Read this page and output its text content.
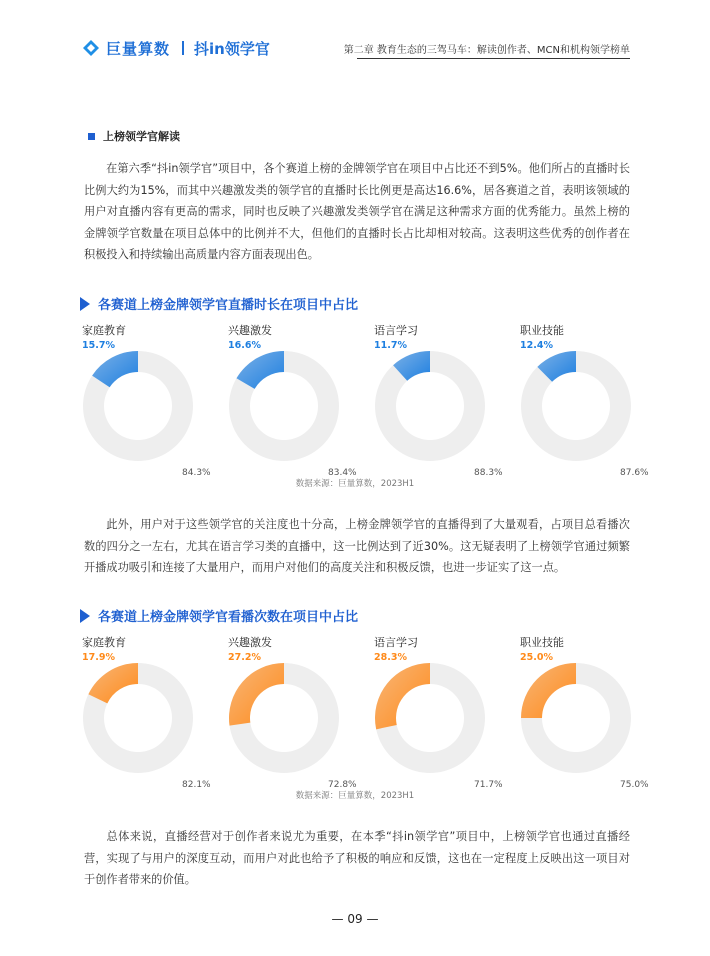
巨量算数 抖in领学官	第二章 教育生态的三驾马车：解读创作者、MCN和机构领学榜单
上榜领学官解读
在第六季“抖in领学官”项目中，各个赛道上榜的金牌领学官在项目中占比还不到5%。他们所占的直播时长比例大约为15%，而其中兴趣激发类的领学官的直播时长比例更是高达16.6%，居各赛道之首，表明该领域的用户对直播内容有更高的需求，同时也反映了兴趣激发类领学官在满足这种需求方面的优秀能力。虽然上榜的金牌领学官数量在项目总体中的比例并不大，但他们的直播时长占比却相对较高。这表明这些优秀的创作者在积极投入和持续输出高质量内容方面表现出色。
各赛道上榜金牌领学官直播时长在项目中占比
家庭教育
15.7%
84.3%
兴趣激发
16.6%
83.4%
语言学习
11.7%
88.3%
职业技能
12.4%
87.6%
数据来源：巨量算数，2023H1
此外，用户对于这些领学官的关注度也十分高，上榜金牌领学官的直播得到了大量观看，占项目总看播次数的四分之一左右，尤其在语言学习类的直播中，这一比例达到了近30%。这无疑表明了上榜领学官通过频繁开播成功吸引和连接了大量用户，而用户对他们的高度关注和积极反馈，也进一步证实了这一点。
各赛道上榜金牌领学官看播次数在项目中占比
家庭教育
17.9%
82.1%
兴趣激发
27.2%
72.8%
语言学习
28.3%
71.7%
职业技能
25.0%
75.0%
数据来源：巨量算数，2023H1
总体来说，直播经营对于创作者来说尤为重要，在本季“抖in领学官”项目中，上榜领学官也通过直播经营，实现了与用户的深度互动，而用户对此也给予了积极的响应和反馈，这也在一定程度上反映出这一项目对于创作者带来的价值。
— 09 —
